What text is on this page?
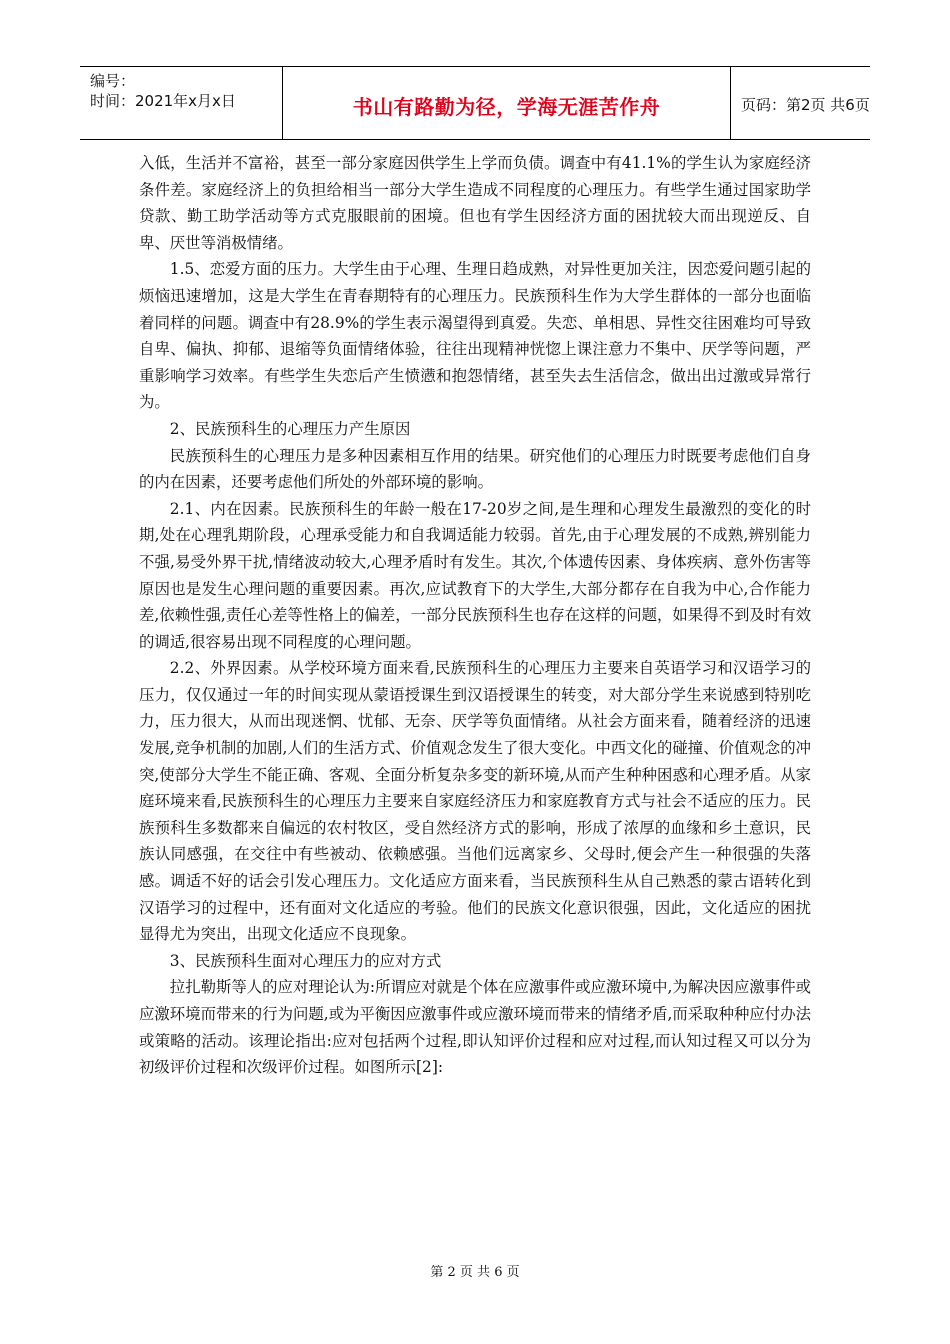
编号：
时间：2021年x月x日	书山有路勤为径，学海无涯苦作舟	页码：第2页 共6页

入低，生活并不富裕，甚至一部分家庭因供学生上学而负债。调查中有41.1%的学生认为家庭经济条件差。家庭经济上的负担给相当一部分大学生造成不同程度的心理压力。有些学生通过国家助学贷款、勤工助学活动等方式克服眼前的困境。但也有学生因经济方面的困扰较大而出现逆反、自卑、厌世等消极情绪。

1.5、恋爱方面的压力。大学生由于心理、生理日趋成熟，对异性更加关注，因恋爱问题引起的烦恼迅速增加，这是大学生在青春期特有的心理压力。民族预科生作为大学生群体的一部分也面临着同样的问题。调查中有28.9%的学生表示渴望得到真爱。失恋、单相思、异性交往困难均可导致自卑、偏执、抑郁、退缩等负面情绪体验，往往出现精神恍惚上课注意力不集中、厌学等问题，严重影响学习效率。有些学生失恋后产生愤懑和抱怨情绪，甚至失去生活信念，做出出过激或异常行为。

2、民族预科生的心理压力产生原因

民族预科生的心理压力是多种因素相互作用的结果。研究他们的心理压力时既要考虑他们自身的内在因素，还要考虑他们所处的外部环境的影响。

2.1、内在因素。民族预科生的年龄一般在17-20岁之间,是生理和心理发生最激烈的变化的时期,处在心理乳期阶段，心理承受能力和自我调适能力较弱。首先,由于心理发展的不成熟,辨别能力不强,易受外界干扰,情绪波动较大,心理矛盾时有发生。其次,个体遗传因素、身体疾病、意外伤害等原因也是发生心理问题的重要因素。再次,应试教育下的大学生,大部分都存在自我为中心,合作能力差,依赖性强,责任心差等性格上的偏差，一部分民族预科生也存在这样的问题，如果得不到及时有效的调适,很容易出现不同程度的心理问题。

2.2、外界因素。从学校环境方面来看,民族预科生的心理压力主要来自英语学习和汉语学习的压力，仅仅通过一年的时间实现从蒙语授课生到汉语授课生的转变，对大部分学生来说感到特别吃力，压力很大，从而出现迷惘、忧郁、无奈、厌学等负面情绪。从社会方面来看，随着经济的迅速发展,竞争机制的加剧,人们的生活方式、价值观念发生了很大变化。中西文化的碰撞、价值观念的冲突,使部分大学生不能正确、客观、全面分析复杂多变的新环境,从而产生种种困惑和心理矛盾。从家庭环境来看,民族预科生的心理压力主要来自家庭经济压力和家庭教育方式与社会不适应的压力。民族预科生多数都来自偏远的农村牧区，受自然经济方式的影响，形成了浓厚的血缘和乡土意识，民族认同感强，在交往中有些被动、依赖感强。当他们远离家乡、父母时,便会产生一种很强的失落感。调适不好的话会引发心理压力。文化适应方面来看，当民族预科生从自己熟悉的蒙古语转化到汉语学习的过程中，还有面对文化适应的考验。他们的民族文化意识很强，因此，文化适应的困扰显得尤为突出，出现文化适应不良现象。

3、民族预科生面对心理压力的应对方式

拉扎勒斯等人的应对理论认为:所谓应对就是个体在应激事件或应激环境中,为解决因应激事件或应激环境而带来的行为问题,或为平衡因应激事件或应激环境而带来的情绪矛盾,而采取种种应付办法或策略的活动。该理论指出:应对包括两个过程,即认知评价过程和应对过程,而认知过程又可以分为初级评价过程和次级评价过程。如图所示[2]:

第 2 页 共 6 页
